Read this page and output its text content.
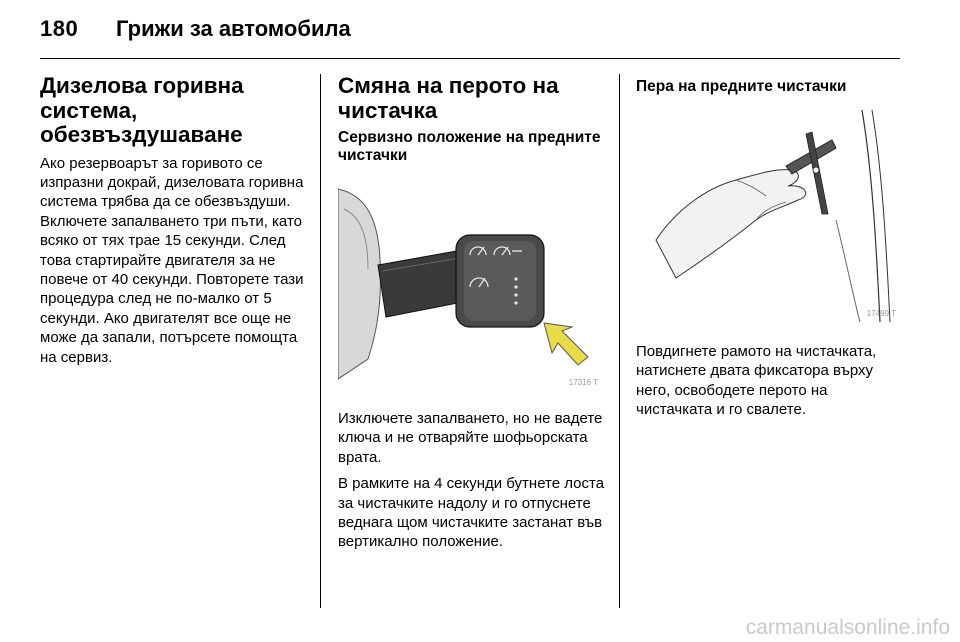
180 Грижи за автомобила
Дизелова горивна система, обезвъздушаване

Ако резервоарът за горивото се изпразни докрай, дизеловата горивна система трябва да се обезвъздуши. Включете запалването три пъти, като всяко от тях трае 15 секунди. След това стартирайте двигателя за не повече от 40 секунди. Повторете тази процедура след не по-малко от 5 секунди. Ако двигателят все още не може да запали, потърсете помощта на сервиз.

Смяна на перото на чистачка
Сервизно положение на предните чистачки
17316 T

Изключете запалването, но не вадете ключа и не отваряйте шофьорската врата.

В рамките на 4 секунди бутнете лоста за чистачките надолу и го отпуснете веднага щом чистачките застанат във вертикално положение.

Пера на предните чистачки
17499 T

Повдигнете рамото на чистачката, натиснете двата фиксатора върху него, освободете перото на чистачката и го свалете.

carmanualsonline.info
